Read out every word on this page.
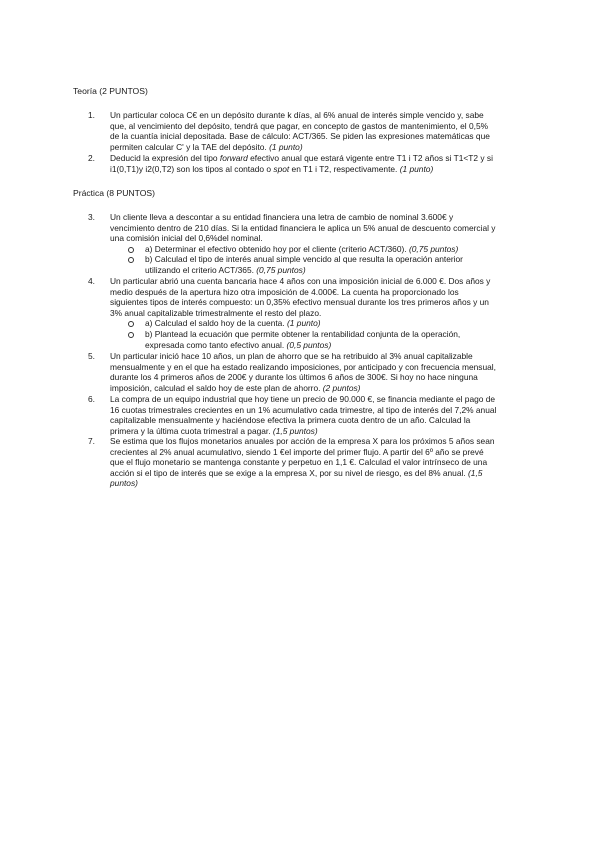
Teoría (2 PUNTOS)
1.	Un particular coloca C€ en un depósito durante k días, al 6% anual de interés simple vencido y, sabe
que, al vencimiento del depósito, tendrá que pagar, en concepto de gastos de mantenimiento, el 0,5%
de la cuantía inicial depositada. Base de cálculo: ACT/365. Se piden las expresiones matemáticas que
permiten calcular C' y la TAE del depósito. (1 punto)
2.	Deducid la expresión del tipo forward efectivo anual que estará vigente entre T1 i T2 años si T1<T2 y si
i1(0,T1)y i2(0,T2) son los tipos al contado o spot en T1 i T2, respectivamente. (1 punto)
Práctica (8 PUNTOS)
3.	Un cliente lleva a descontar a su entidad financiera una letra de cambio de nominal 3.600€ y
vencimiento dentro de 210 días. Si la entidad financiera le aplica un 5% anual de descuento comercial y
una comisión inicial del 0,6%del nominal.
a) Determinar el efectivo obtenido hoy por el cliente (criterio ACT/360). (0,75 puntos)
b) Calculad el tipo de interés anual simple vencido al que resulta la operación anterior
utilizando el criterio ACT/365. (0,75 puntos)
4.	Un particular abrió una cuenta bancaria hace 4 años con una imposición inicial de 6.000 €. Dos años y
medio después de la apertura hizo otra imposición de 4.000€. La cuenta ha proporcionado los
siguientes tipos de interés compuesto: un 0,35% efectivo mensual durante los tres primeros años y un
3% anual capitalizable trimestralmente el resto del plazo.
a) Calculad el saldo hoy de la cuenta. (1 punto)
b) Plantead la ecuación que permite obtener la rentabilidad conjunta de la operación,
expresada como tanto efectivo anual. (0,5 puntos)
5.	Un particular inició hace 10 años, un plan de ahorro que se ha retribuido al 3% anual capitalizable
mensualmente y en el que ha estado realizando imposiciones, por anticipado y con frecuencia mensual,
durante los 4 primeros años de 200€ y durante los últimos 6 años de 300€. Si hoy no hace ninguna
imposición, calculad el saldo hoy de este plan de ahorro. (2 puntos)
6.	La compra de un equipo industrial que hoy tiene un precio de 90.000 €, se financia mediante el pago de
16 cuotas trimestrales crecientes en un 1% acumulativo cada trimestre, al tipo de interés del 7,2% anual
capitalizable mensualmente y haciéndose efectiva la primera cuota dentro de un año. Calculad la
primera y la última cuota trimestral a pagar. (1,5 puntos)
7.	Se estima que los flujos monetarios anuales por acción de la empresa X para los próximos 5 años sean
crecientes al 2% anual acumulativo, siendo 1 €el importe del primer flujo. A partir del 6º año se prevé
que el flujo monetario se mantenga constante y perpetuo en 1,1 €. Calculad el valor intrínseco de una
acción si el tipo de interés que se exige a la empresa X, por su nivel de riesgo, es del 8% anual. (1,5
puntos)
